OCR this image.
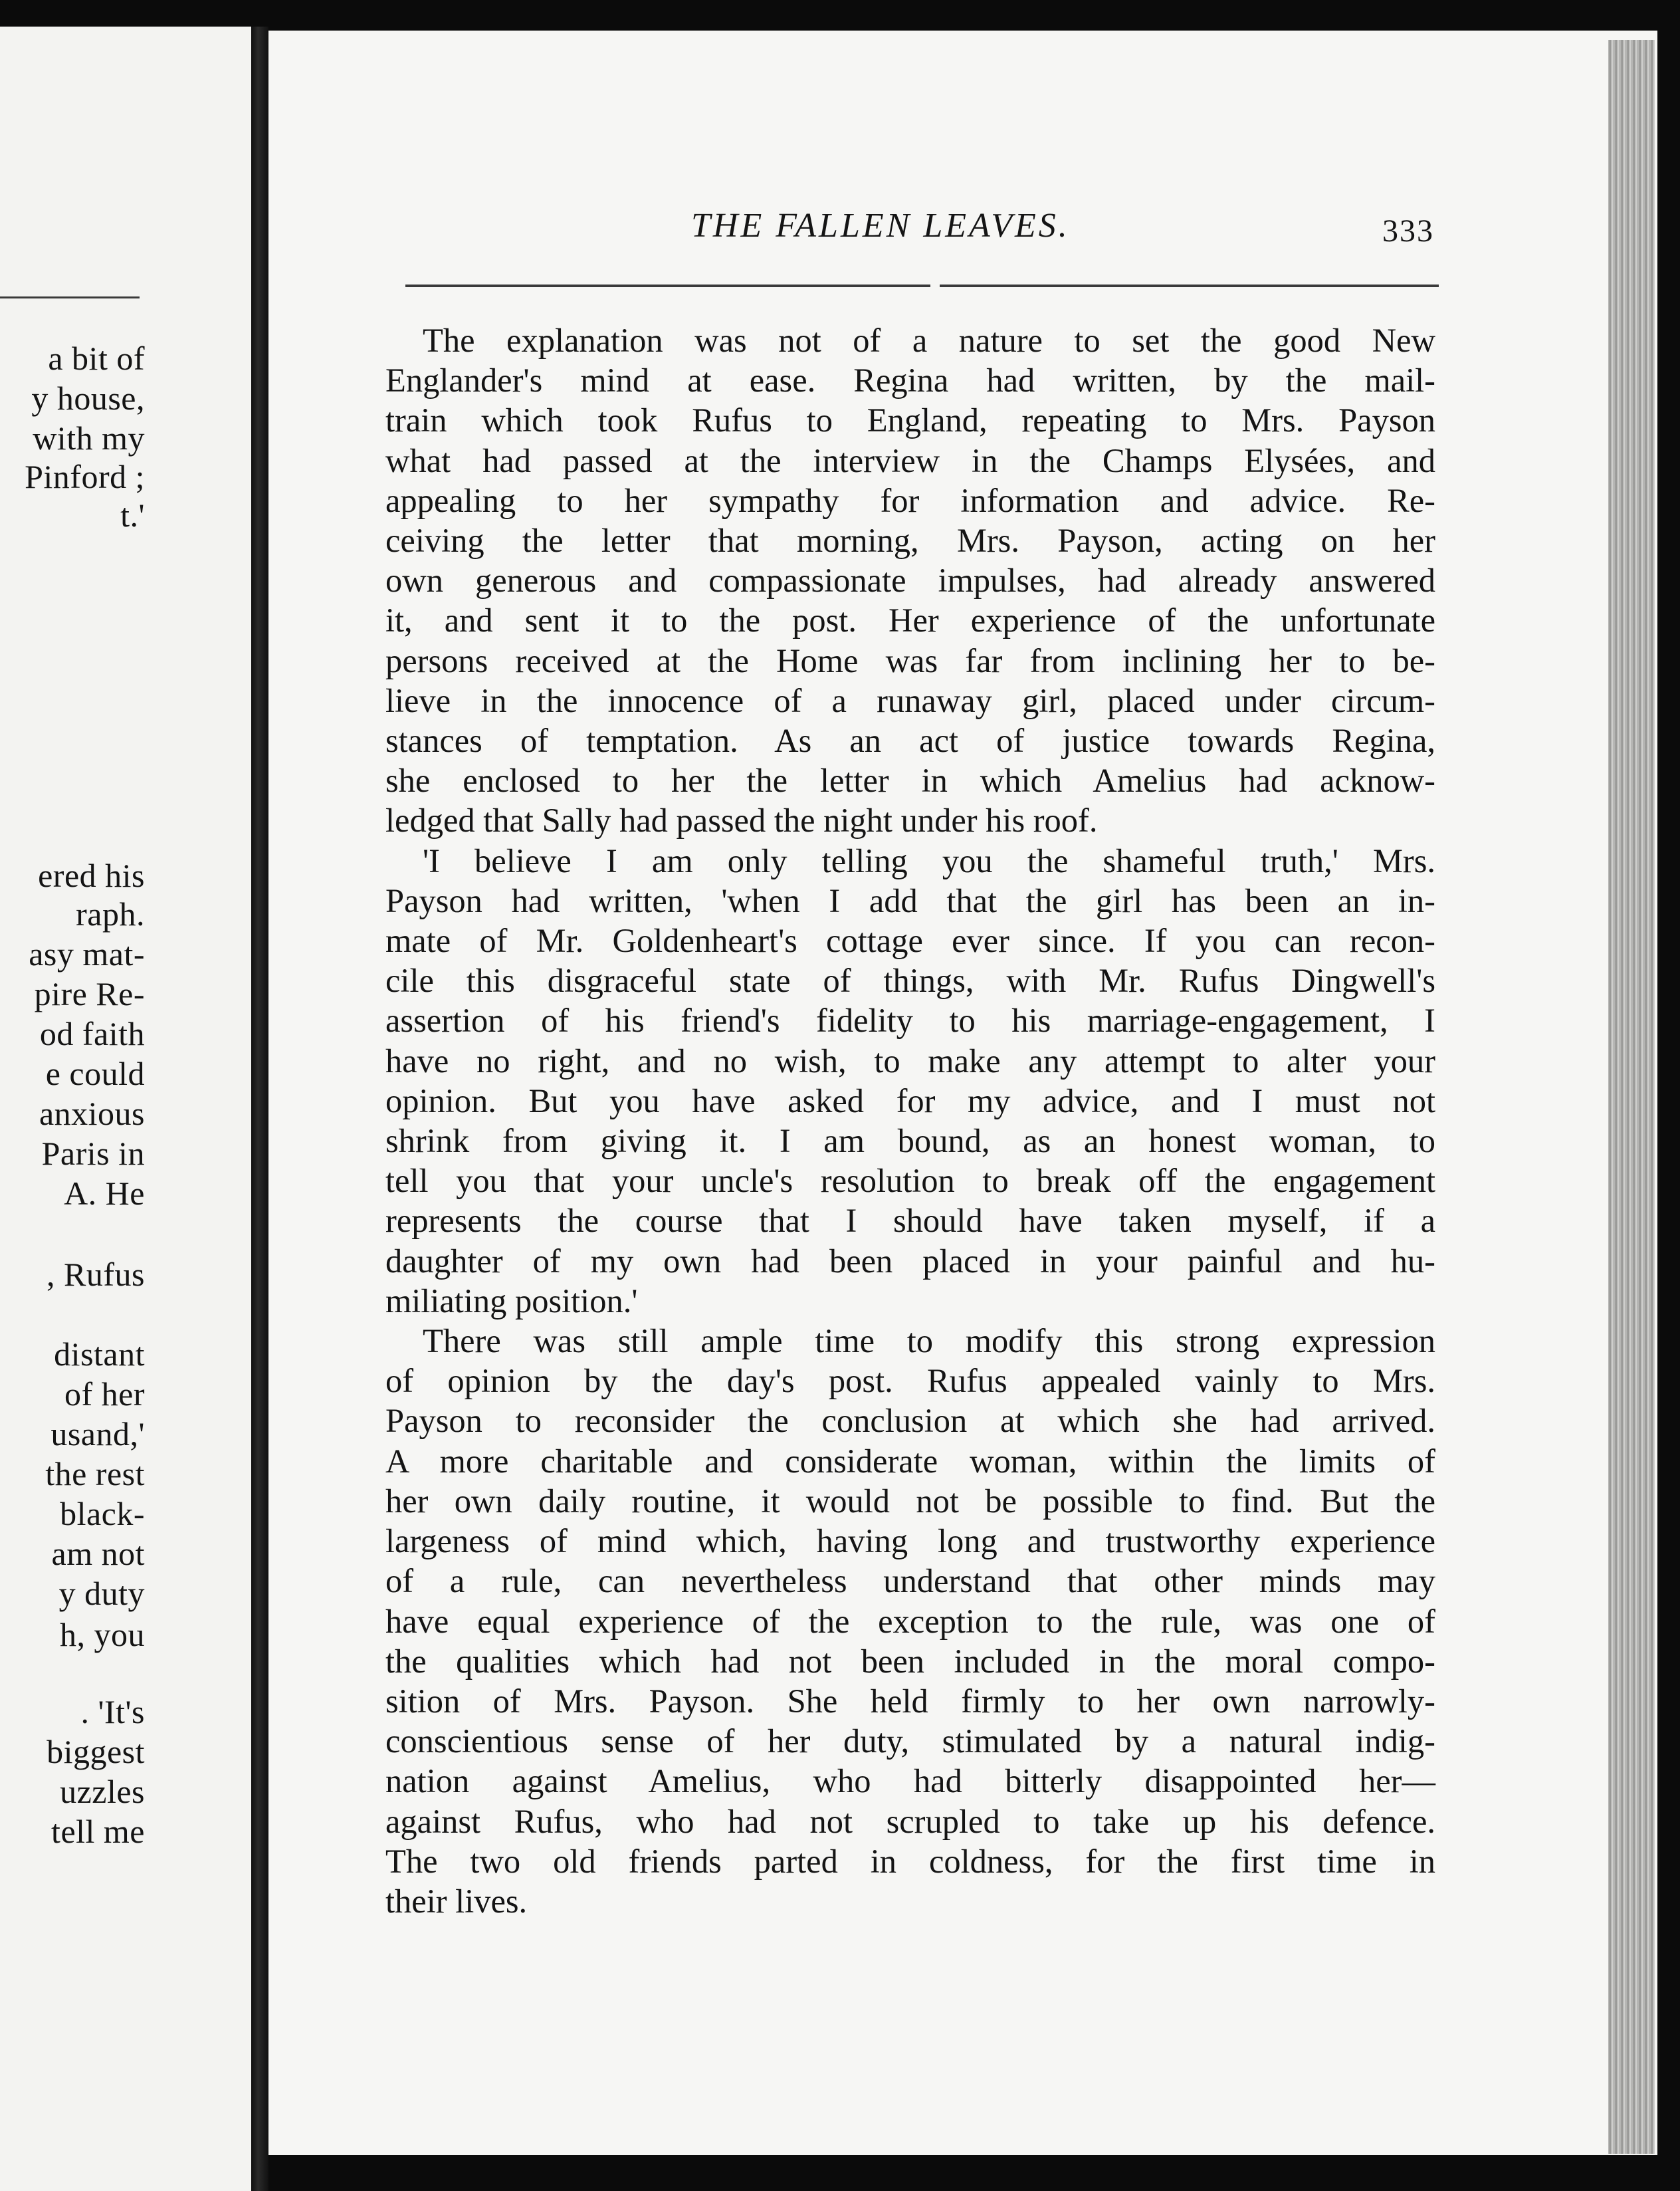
a bit of
y house,
with my
Pinford ;
t.'
ered his
raph.
asy mat-
pire Re-
od faith
e could
anxious
Paris in
A. He
, Rufus
distant
of her
usand,'
the rest
black-
am not
y duty
h, you
. 'It's
biggest
uzzles
tell me
THE FALLEN LEAVES.	333
The explanation was not of a nature to set the good New
Englander's mind at ease. Regina had written, by the mail-
train which took Rufus to England, repeating to Mrs. Payson
what had passed at the interview in the Champs Elysées, and
appealing to her sympathy for information and advice. Re-
ceiving the letter that morning, Mrs. Payson, acting on her
own generous and compassionate impulses, had already answered
it, and sent it to the post. Her experience of the unfortunate
persons received at the Home was far from inclining her to be-
lieve in the innocence of a runaway girl, placed under circum-
stances of temptation. As an act of justice towards Regina,
she enclosed to her the letter in which Amelius had acknow-
ledged that Sally had passed the night under his roof.
'I believe I am only telling you the shameful truth,' Mrs.
Payson had written, 'when I add that the girl has been an in-
mate of Mr. Goldenheart's cottage ever since. If you can recon-
cile this disgraceful state of things, with Mr. Rufus Dingwell's
assertion of his friend's fidelity to his marriage-engagement, I
have no right, and no wish, to make any attempt to alter your
opinion. But you have asked for my advice, and I must not
shrink from giving it. I am bound, as an honest woman, to
tell you that your uncle's resolution to break off the engagement
represents the course that I should have taken myself, if a
daughter of my own had been placed in your painful and hu-
miliating position.'
There was still ample time to modify this strong expression
of opinion by the day's post. Rufus appealed vainly to Mrs.
Payson to reconsider the conclusion at which she had arrived.
A more charitable and considerate woman, within the limits of
her own daily routine, it would not be possible to find. But the
largeness of mind which, having long and trustworthy experience
of a rule, can nevertheless understand that other minds may
have equal experience of the exception to the rule, was one of
the qualities which had not been included in the moral compo-
sition of Mrs. Payson. She held firmly to her own narrowly-
conscientious sense of her duty, stimulated by a natural indig-
nation against Amelius, who had bitterly disappointed her—
against Rufus, who had not scrupled to take up his defence.
The two old friends parted in coldness, for the first time in
their lives.
